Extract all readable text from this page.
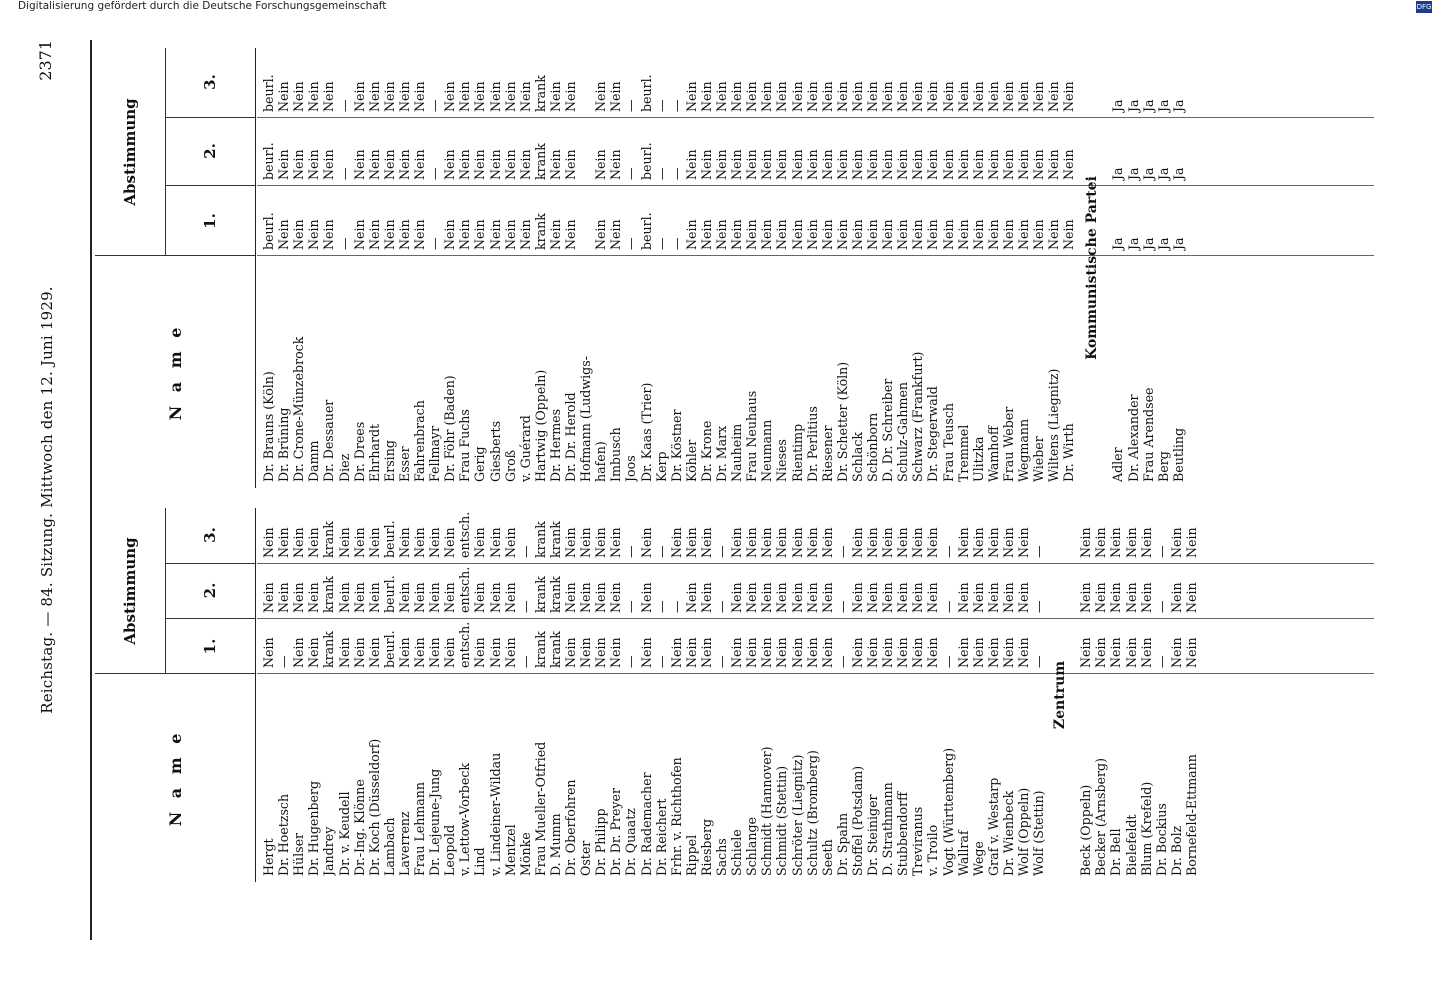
Digitalisierung gefördert durch die Deutsche Forschungsgemeinschaft	DFG
Reichstag. — 84. Sitzung. Mittwoch den 12. Juni 1929.
2371
N a m e
Abstimmung
1.
2.
3.
Hergt
Nein
Nein
Nein
Dr. Hoetzsch
—
Nein
Nein
Hülser
Nein
Nein
Nein
Dr. Hugenberg
Nein
Nein
Nein
Jandrey
krank
krank
krank
Dr. v. Keudell
Nein
Nein
Nein
Dr.-Ing. Klönne
Nein
Nein
Nein
Dr. Koch (Düsseldorf)
Nein
Nein
Nein
Lambach
beurl.
beurl.
beurl.
Laverrenz
Nein
Nein
Nein
Frau Lehmann
Nein
Nein
Nein
Dr. Lejeune-Jung
Nein
Nein
Nein
Leopold
Nein
Nein
Nein
v. Lettow-Vorbeck
entsch.
entsch.
entsch.
Lind
Nein
Nein
Nein
v. Lindeiner-Wildau
Nein
Nein
Nein
Mentzel
Nein
Nein
Nein
Mönke
—
—
—
Frau Mueller-Otfried
krank
krank
krank
D. Mumm
krank
krank
krank
Dr. Oberfohren
Nein
Nein
Nein
Oster
Nein
Nein
Nein
Dr. Philipp
Nein
Nein
Nein
Dr. Dr. Preyer
Nein
Nein
Nein
Dr. Quaatz
—
—
—
Dr. Rademacher
Nein
Nein
Nein
Dr. Reichert
—
—
—
Frhr. v. Richthofen
Nein
—
Nein
Rippel
Nein
Nein
Nein
Riesberg
Nein
Nein
Nein
Sachs
—
—
—
Schiele
Nein
Nein
Nein
Schlange
Nein
Nein
Nein
Schmidt (Hannover)
Nein
Nein
Nein
Schmidt (Stettin)
Nein
Nein
Nein
Schröter (Liegnitz)
Nein
Nein
Nein
Schultz (Bromberg)
Nein
Nein
Nein
Seeth
Nein
Nein
Nein
Dr. Spahn
—
—
—
Stoffel (Potsdam)
Nein
Nein
Nein
Dr. Steiniger
Nein
Nein
Nein
D. Strathmann
Nein
Nein
Nein
Stubbendorff
Nein
Nein
Nein
Treviranus
Nein
Nein
Nein
v. Troilo
Nein
Nein
Nein
Vogt (Württemberg)
—
—
—
Wallraf
Nein
Nein
Nein
Wege
Nein
Nein
Nein
Graf v. Westarp
Nein
Nein
Nein
Dr. Wienbeck
Nein
Nein
Nein
Wolf (Oppeln)
Nein
Nein
Nein
Wolf (Stettin)
—
—
—
Zentrum
Beck (Oppeln)
Nein
Nein
Nein
Becker (Arnsberg)
Nein
Nein
Nein
Dr. Bell
Nein
Nein
Nein
Bielefeldt
Nein
Nein
Nein
Blum (Krefeld)
Nein
Nein
Nein
Dr. Bockius
—
—
—
Dr. Bolz
Nein
Nein
Nein
Bornefeld-Ettmann
Nein
Nein
Nein
N a m e
Abstimmung
1.
2.
3.
Dr. Brauns (Köln)
beurl.
beurl.
beurl.
Dr. Brüning
Nein
Nein
Nein
Dr. Crone-Münzebrock
Nein
Nein
Nein
Damm
Nein
Nein
Nein
Dr. Dessauer
Nein
Nein
Nein
Diez
—
—
—
Dr. Drees
Nein
Nein
Nein
Ehrhardt
Nein
Nein
Nein
Ersing
Nein
Nein
Nein
Esser
Nein
Nein
Nein
Fahrenbrach
Nein
Nein
Nein
Fellmayr
—
—
—
Dr. Föhr (Baden)
Nein
Nein
Nein
Frau Fuchs
Nein
Nein
Nein
Gerig
Nein
Nein
Nein
Giesberts
Nein
Nein
Nein
Groß
Nein
Nein
Nein
v. Guérard
Nein
Nein
Nein
Hartwig (Oppeln)
krank
krank
krank
Dr. Hermes
Nein
Nein
Nein
Dr. Dr. Herold
Nein
Nein
Nein
Hofmann (Ludwigs- hafen)
Nein
Nein
Nein
Imbusch
Nein
Nein
Nein
Joos
—
—
—
Dr. Kaas (Trier)
beurl.
beurl.
beurl.
Kerp
—
—
—
Dr. Köstner
—
—
—
Köhler
Nein
Nein
Nein
Dr. Krone
Nein
Nein
Nein
Dr. Marx
Nein
Nein
Nein
Nauheim
Nein
Nein
Nein
Frau Neuhaus
Nein
Nein
Nein
Neumann
Nein
Nein
Nein
Nieses
Nein
Nein
Nein
Rientimp
Nein
Nein
Nein
Dr. Perlitius
Nein
Nein
Nein
Riesener
Nein
Nein
Nein
Dr. Schetter (Köln)
Nein
Nein
Nein
Schlack
Nein
Nein
Nein
Schönborn
Nein
Nein
Nein
D. Dr. Schreiber
Nein
Nein
Nein
Schulz-Gahmen
Nein
Nein
Nein
Schwarz (Frankfurt)
Nein
Nein
Nein
Dr. Stegerwald
Nein
Nein
Nein
Frau Teusch
Nein
Nein
Nein
Tremmel
Nein
Nein
Nein
Ulitzka
Nein
Nein
Nein
Wamhoff
Nein
Nein
Nein
Frau Weber
Nein
Nein
Nein
Wegmann
Nein
Nein
Nein
Wieber
Nein
Nein
Nein
Wiltens (Liegnitz)
Nein
Nein
Nein
Dr. Wirth
Nein
Nein
Nein
Kommunistische Partei
Adler
Ja
Ja
Ja
Dr. Alexander
Ja
Ja
Ja
Frau Arendsee
Ja
Ja
Ja
Berg
Ja
Ja
Ja
Beutling
Ja
Ja
Ja
